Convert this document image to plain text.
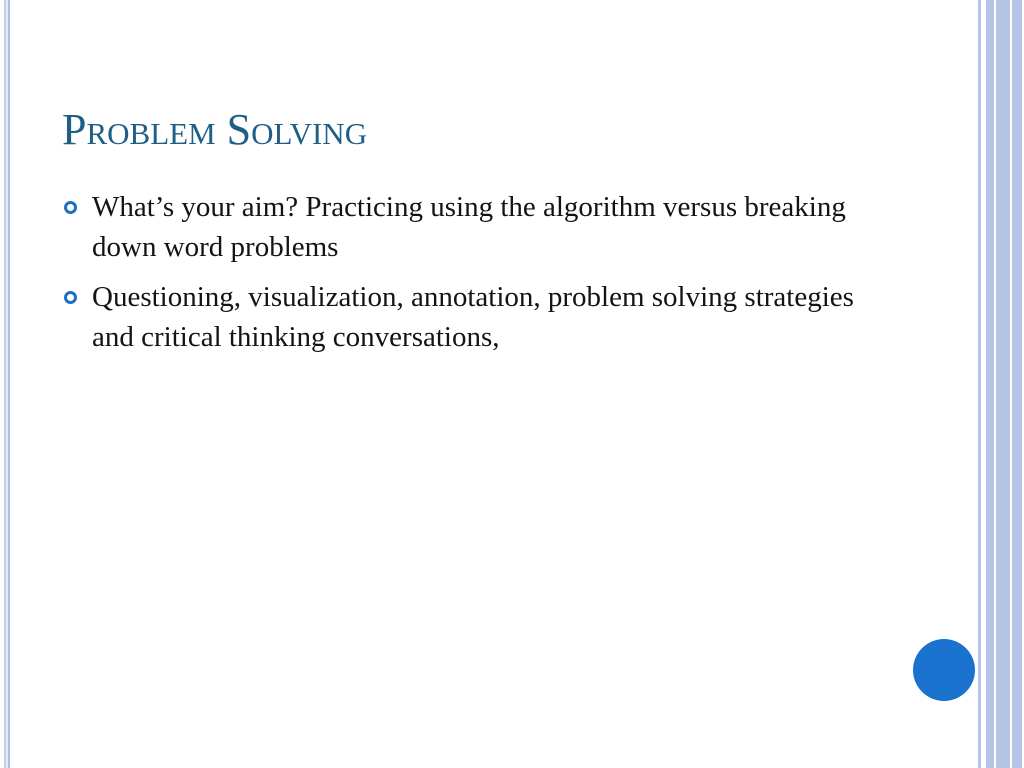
Problem Solving
What’s your aim? Practicing using the algorithm versus breaking down word problems
Questioning, visualization, annotation, problem solving strategies and critical thinking conversations,
